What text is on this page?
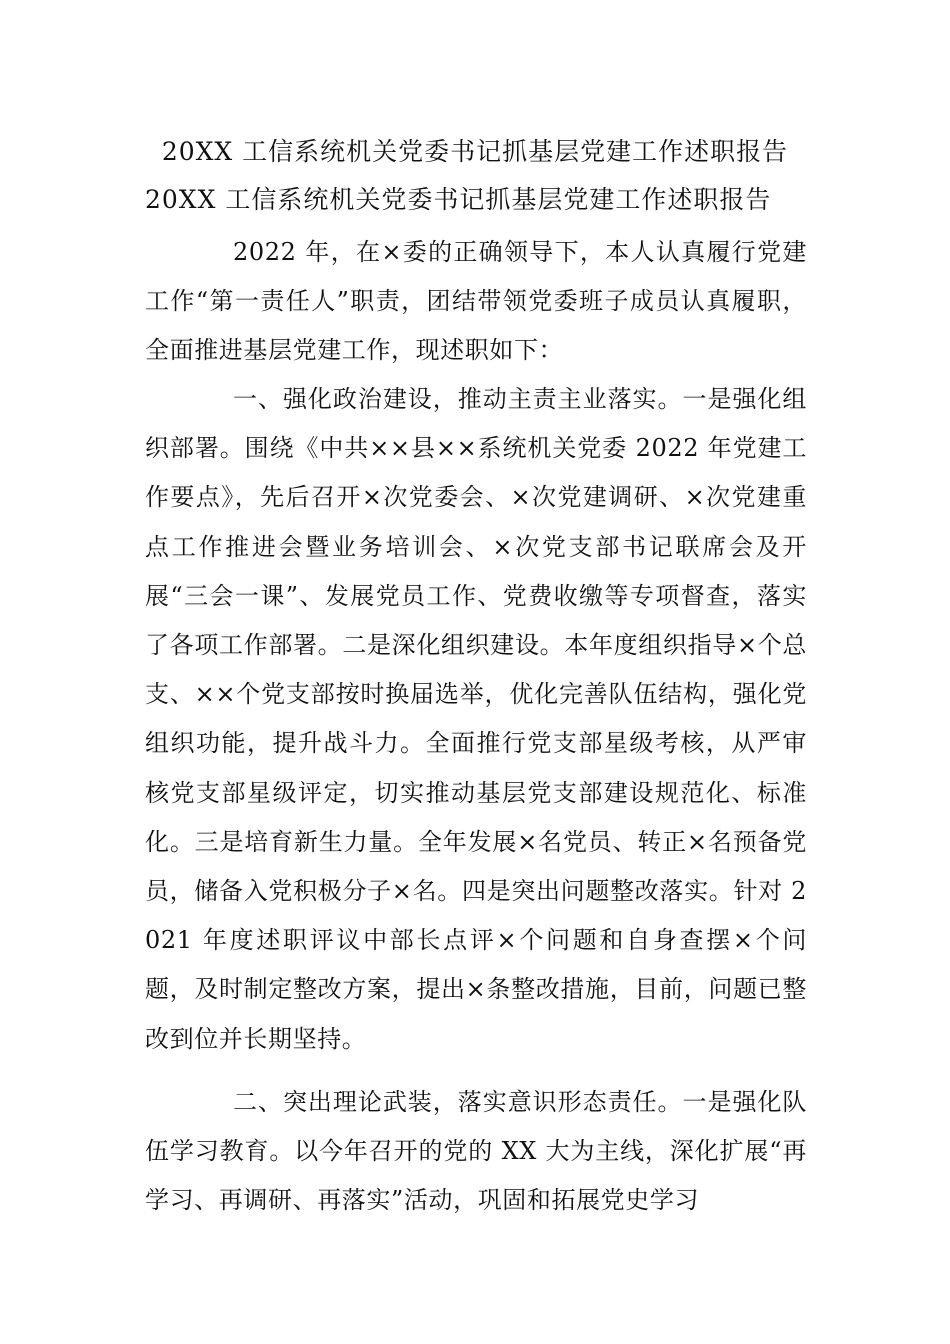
20XX 工信系统机关党委书记抓基层党建工作述职报告
20XX 工信系统机关党委书记抓基层党建工作述职报告

2022 年，在×委的正确领导下，本人认真履行党建工作“第一责任人”职责，团结带领党委班子成员认真履职，全面推进基层党建工作，现述职如下：

一、强化政治建设，推动主责主业落实。一是强化组织部署。围绕《中共××县××系统机关党委 2022 年党建工作要点》，先后召开×次党委会、×次党建调研、×次党建重点工作推进会暨业务培训会、×次党支部书记联席会及开展“三会一课”、发展党员工作、党费收缴等专项督查，落实了各项工作部署。二是深化组织建设。本年度组织指导×个总支、××个党支部按时换届选举，优化完善队伍结构，强化党组织功能，提升战斗力。全面推行党支部星级考核，从严审核党支部星级评定，切实推动基层党支部建设规范化、标准化。三是培育新生力量。全年发展×名党员、转正×名预备党员，储备入党积极分子×名。四是突出问题整改落实。针对 2021 年度述职评议中部长点评×个问题和自身查摆×个问题，及时制定整改方案，提出×条整改措施，目前，问题已整改到位并长期坚持。

二、突出理论武装，落实意识形态责任。一是强化队伍学习教育。以今年召开的党的 XX 大为主线，深化扩展“再学习、再调研、再落实”活动，巩固和拓展党史学习
